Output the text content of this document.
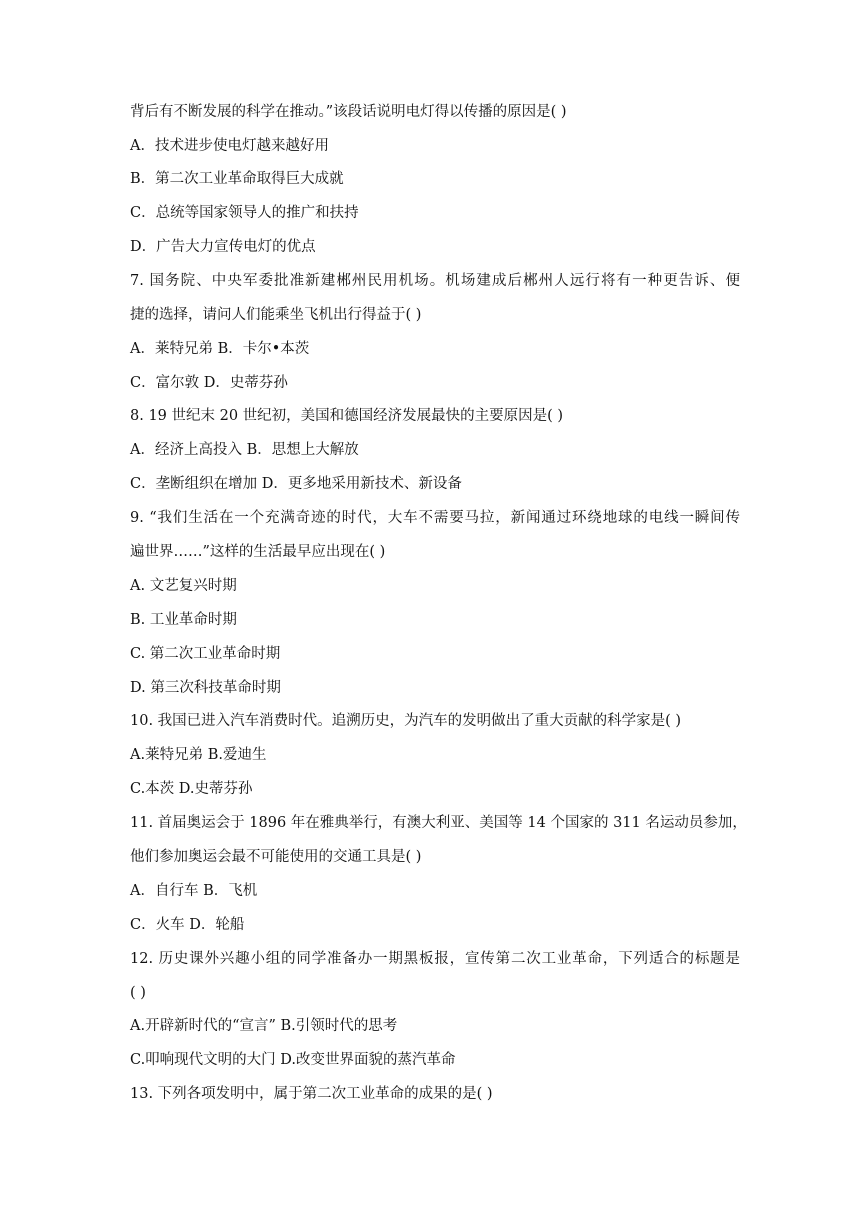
背后有不断发展的科学在推动。”该段话说明电灯得以传播的原因是( )
A．技术进步使电灯越来越好用
B．第二次工业革命取得巨大成就
C．总统等国家领导人的推广和扶持
D．广告大力宣传电灯的优点
7. 国务院、中央军委批准新建郴州民用机场。机场建成后郴州人远行将有一种更告诉、便
捷的选择，请问人们能乘坐飞机出行得益于( )
A．莱特兄弟 B．卡尔•本茨
C．富尔敦 D．史蒂芬孙
8. 19 世纪末 20 世纪初，美国和德国经济发展最快的主要原因是( )
A．经济上高投入 B．思想上大解放
C．垄断组织在增加 D．更多地采用新技术、新设备
9. “我们生活在一个充满奇迹的时代，大车不需要马拉，新闻通过环绕地球的电线一瞬间传
遍世界……”这样的生活最早应出现在( )
A. 文艺复兴时期
B. 工业革命时期
C. 第二次工业革命时期
D. 第三次科技革命时期
10. 我国已进入汽车消费时代。追溯历史，为汽车的发明做出了重大贡献的科学家是( )
A.莱特兄弟 B.爱迪生
C.本茨 D.史蒂芬孙
11. 首届奥运会于 1896 年在雅典举行，有澳大利亚、美国等 14 个国家的 311 名运动员参加，
他们参加奥运会最不可能使用的交通工具是( )
A．自行车 B．飞机
C．火车 D．轮船
12. 历史课外兴趣小组的同学准备办一期黑板报，宣传第二次工业革命，下列适合的标题是
( )
A.开辟新时代的“宣言” B.引领时代的思考
C.叩响现代文明的大门 D.改变世界面貌的蒸汽革命
13. 下列各项发明中，属于第二次工业革命的成果的是( )
